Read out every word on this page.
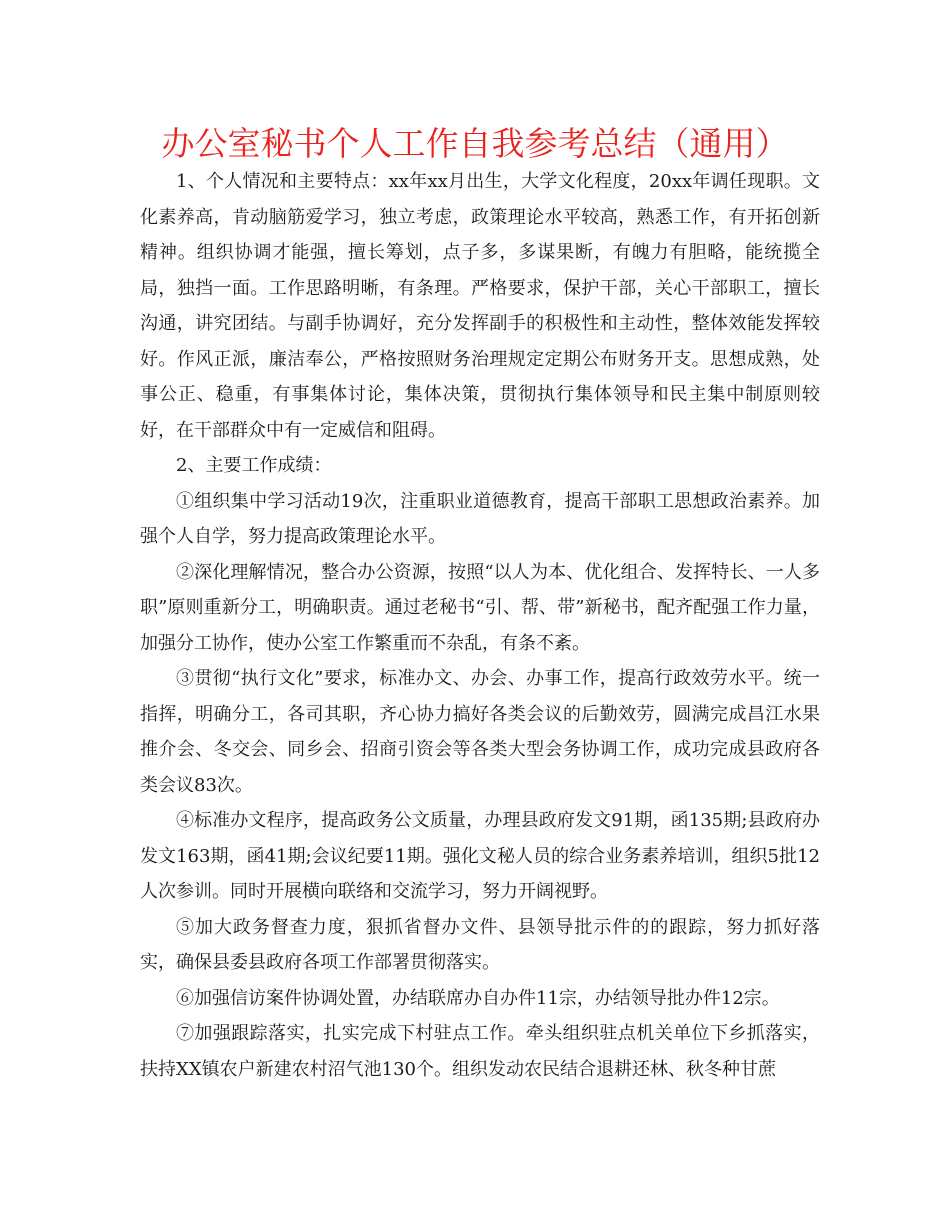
办公室秘书个人工作自我参考总结（通用）

1、个人情况和主要特点：xx年xx月出生，大学文化程度，20xx年调任现职。文化素养高，肯动脑筋爱学习，独立考虑，政策理论水平较高，熟悉工作，有开拓创新精神。组织协调才能强，擅长筹划，点子多，多谋果断，有魄力有胆略，能统揽全局，独挡一面。工作思路明晰，有条理。严格要求，保护干部，关心干部职工，擅长沟通，讲究团结。与副手协调好，充分发挥副手的积极性和主动性，整体效能发挥较好。作风正派，廉洁奉公，严格按照财务治理规定定期公布财务开支。思想成熟，处事公正、稳重，有事集体讨论，集体决策，贯彻执行集体领导和民主集中制原则较好，在干部群众中有一定威信和阻碍。

2、主要工作成绩：

①组织集中学习活动19次，注重职业道德教育，提高干部职工思想政治素养。加强个人自学，努力提高政策理论水平。

②深化理解情况，整合办公资源，按照“以人为本、优化组合、发挥特长、一人多职”原则重新分工，明确职责。通过老秘书“引、帮、带”新秘书，配齐配强工作力量，加强分工协作，使办公室工作繁重而不杂乱，有条不紊。

③贯彻“执行文化”要求，标准办文、办会、办事工作，提高行政效劳水平。统一指挥，明确分工，各司其职，齐心协力搞好各类会议的后勤效劳，圆满完成昌江水果推介会、冬交会、同乡会、招商引资会等各类大型会务协调工作，成功完成县政府各类会议83次。

④标准办文程序，提高政务公文质量，办理县政府发文91期，函135期;县政府办发文163期，函41期;会议纪要11期。强化文秘人员的综合业务素养培训，组织5批12人次参训。同时开展横向联络和交流学习，努力开阔视野。

⑤加大政务督查力度，狠抓省督办文件、县领导批示件的的跟踪，努力抓好落实，确保县委县政府各项工作部署贯彻落实。

⑥加强信访案件协调处置，办结联席办自办件11宗，办结领导批办件12宗。

⑦加强跟踪落实，扎实完成下村驻点工作。牵头组织驻点机关单位下乡抓落实，扶持XX镇农户新建农村沼气池130个。组织发动农民结合退耕还林、秋冬种甘蔗
